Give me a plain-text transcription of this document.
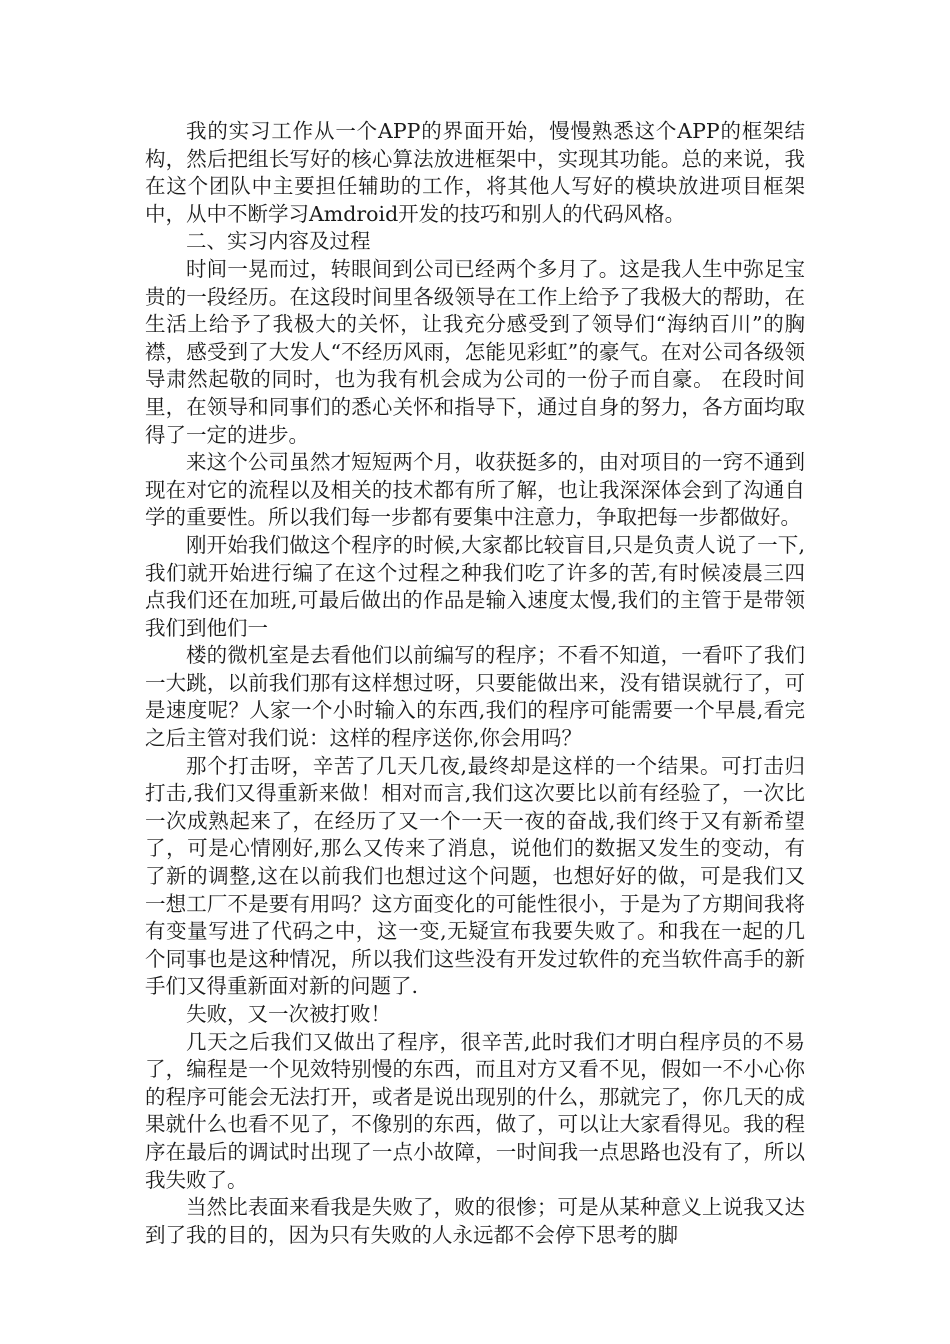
我的实习工作从一个APP的界面开始，慢慢熟悉这个APP的框架结构，然后把组长写好的核心算法放进框架中，实现其功能。总的来说，我在这个团队中主要担任辅助的工作，将其他人写好的模块放进项目框架中，从中不断学习Amdroid开发的技巧和别人的代码风格。

二、实习内容及过程

时间一晃而过，转眼间到公司已经两个多月了。这是我人生中弥足宝贵的一段经历。在这段时间里各级领导在工作上给予了我极大的帮助，在生活上给予了我极大的关怀，让我充分感受到了领导们“海纳百川”的胸襟，感受到了大发人“不经历风雨，怎能见彩虹”的豪气。在对公司各级领导肃然起敬的同时，也为我有机会成为公司的一份子而自豪。 在段时间里，在领导和同事们的悉心关怀和指导下，通过自身的努力，各方面均取得了一定的进步。

来这个公司虽然才短短两个月，收获挺多的，由对项目的一窍不通到现在对它的流程以及相关的技术都有所了解，也让我深深体会到了沟通自学的重要性。所以我们每一步都有要集中注意力，争取把每一步都做好。

刚开始我们做这个程序的时候,大家都比较盲目,只是负责人说了一下,我们就开始进行编了在这个过程之种我们吃了许多的苦,有时候凌晨三四点我们还在加班,可最后做出的作品是输入速度太慢,我们的主管于是带领我们到他们一

楼的微机室是去看他们以前编写的程序；不看不知道，一看吓了我们一大跳，以前我们那有这样想过呀，只要能做出来，没有错误就行了，可是速度呢？人家一个小时输入的东西,我们的程序可能需要一个早晨,看完之后主管对我们说：这样的程序送你,你会用吗？

那个打击呀，辛苦了几天几夜,最终却是这样的一个结果。可打击归打击,我们又得重新来做！相对而言,我们这次要比以前有经验了，一次比一次成熟起来了，在经历了又一个一天一夜的奋战,我们终于又有新希望了，可是心情刚好,那么又传来了消息，说他们的数据又发生的变动，有了新的调整,这在以前我们也想过这个问题，也想好好的做，可是我们又一想工厂不是要有用吗？这方面变化的可能性很小，于是为了方期间我将有变量写进了代码之中，这一变,无疑宣布我要失败了。和我在一起的几个同事也是这种情况，所以我们这些没有开发过软件的充当软件高手的新手们又得重新面对新的问题了.

失败，又一次被打败！

几天之后我们又做出了程序，很辛苦,此时我们才明白程序员的不易了，编程是一个见效特别慢的东西，而且对方又看不见，假如一不小心你的程序可能会无法打开，或者是说出现别的什么，那就完了，你几天的成果就什么也看不见了，不像别的东西，做了，可以让大家看得见。我的程序在最后的调试时出现了一点小故障，一时间我一点思路也没有了，所以我失败了。

当然比表面来看我是失败了，败的很惨；可是从某种意义上说我又达到了我的目的，因为只有失败的人永远都不会停下思考的脚
